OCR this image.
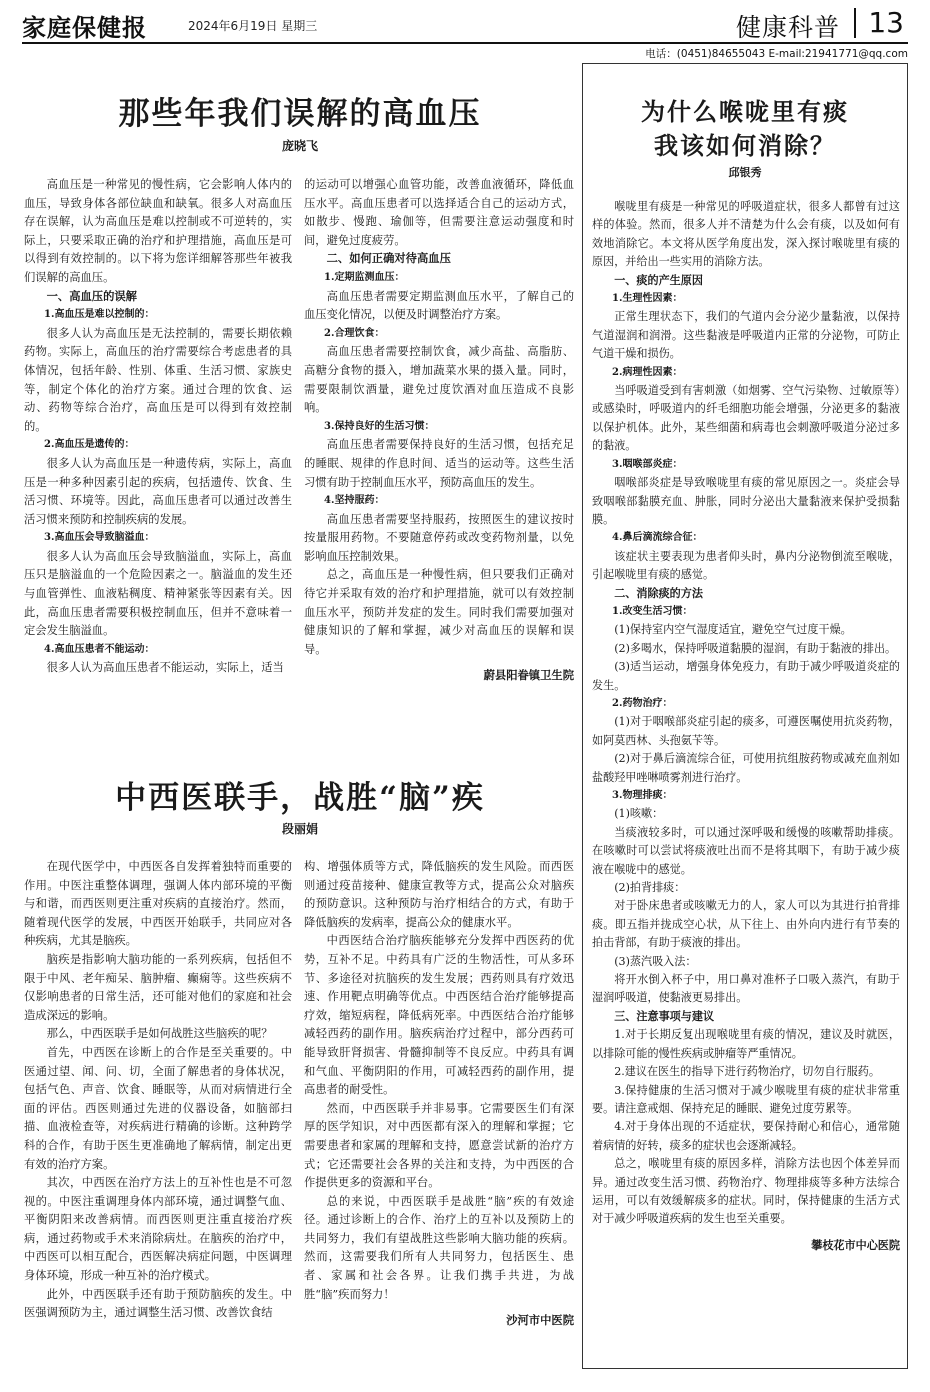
家庭保健报	2024年6月19日 星期三	健康科普 13
电话：(0451)84655043 E-mail:21941771@qq.com
那些年我们误解的高血压
庞晓飞

高血压是一种常见的慢性病，它会影响人体内的血压，导致身体各部位缺血和缺氧。很多人对高血压存在误解，认为高血压是难以控制或不可逆转的，实际上，只要采取正确的治疗和护理措施，高血压是可以得到有效控制的。以下将为您详细解答那些年被我们误解的高血压。

一、高血压的误解

1.高血压是难以控制的：

很多人认为高血压是无法控制的，需要长期依赖药物。实际上，高血压的治疗需要综合考虑患者的具体情况，包括年龄、性别、体重、生活习惯、家族史等，制定个体化的治疗方案。通过合理的饮食、运动、药物等综合治疗，高血压是可以得到有效控制的。

2.高血压是遗传的：

很多人认为高血压是一种遗传病，实际上，高血压是一种多种因素引起的疾病，包括遗传、饮食、生活习惯、环境等。因此，高血压患者可以通过改善生活习惯来预防和控制疾病的发展。

3.高血压会导致脑溢血：

很多人认为高血压会导致脑溢血，实际上，高血压只是脑溢血的一个危险因素之一。脑溢血的发生还与血管弹性、血液粘稠度、精神紧张等因素有关。因此，高血压患者需要积极控制血压，但并不意味着一定会发生脑溢血。

4.高血压患者不能运动：

很多人认为高血压患者不能运动，实际上，适当

的运动可以增强心血管功能，改善血液循环，降低血压水平。高血压患者可以选择适合自己的运动方式，如散步、慢跑、瑜伽等，但需要注意运动强度和时间，避免过度疲劳。

二、如何正确对待高血压

1.定期监测血压：

高血压患者需要定期监测血压水平，了解自己的血压变化情况，以便及时调整治疗方案。

2.合理饮食：

高血压患者需要控制饮食，减少高盐、高脂肪、高糖分食物的摄入，增加蔬菜水果的摄入量。同时，需要限制饮酒量，避免过度饮酒对血压造成不良影响。

3.保持良好的生活习惯：

高血压患者需要保持良好的生活习惯，包括充足的睡眠、规律的作息时间、适当的运动等。这些生活习惯有助于控制血压水平，预防高血压的发生。

4.坚持服药：

高血压患者需要坚持服药，按照医生的建议按时按量服用药物。不要随意停药或改变药物剂量，以免影响血压控制效果。

总之，高血压是一种慢性病，但只要我们正确对待它并采取有效的治疗和护理措施，就可以有效控制血压水平，预防并发症的发生。同时我们需要加强对健康知识的了解和掌握，减少对高血压的误解和误导。

蔚县阳眷镇卫生院

中西医联手，战胜“脑”疾
段丽娟

在现代医学中，中西医各自发挥着独特而重要的作用。中医注重整体调理，强调人体内部环境的平衡与和谐，而西医则更注重对疾病的直接治疗。然而，随着现代医学的发展，中西医开始联手，共同应对各种疾病，尤其是脑疾。

脑疾是指影响大脑功能的一系列疾病，包括但不限于中风、老年痴呆、脑肿瘤、癫痫等。这些疾病不仅影响患者的日常生活，还可能对他们的家庭和社会造成深远的影响。

那么，中西医联手是如何战胜这些脑疾的呢？

首先，中西医在诊断上的合作是至关重要的。中医通过望、闻、问、切，全面了解患者的身体状况，包括气色、声音、饮食、睡眠等，从而对病情进行全面的评估。西医则通过先进的仪器设备，如脑部扫描、血液检查等，对疾病进行精确的诊断。这种跨学科的合作，有助于医生更准确地了解病情，制定出更有效的治疗方案。

其次，中西医在治疗方法上的互补性也是不可忽视的。中医注重调理身体内部环境，通过调整气血、平衡阴阳来改善病情。而西医则更注重直接治疗疾病，通过药物或手术来消除病灶。在脑疾的治疗中，中西医可以相互配合，西医解决病症问题，中医调理身体环境，形成一种互补的治疗模式。

此外，中西医联手还有助于预防脑疾的发生。中医强调预防为主，通过调整生活习惯、改善饮食结

构、增强体质等方式，降低脑疾的发生风险。而西医则通过疫苗接种、健康宣教等方式，提高公众对脑疾的预防意识。这种预防与治疗相结合的方式，有助于降低脑疾的发病率，提高公众的健康水平。

中西医结合治疗脑疾能够充分发挥中西医药的优势，互补不足。中药具有广泛的生物活性，可从多环节、多途径对抗脑疾的发生发展；西药则具有疗效迅速、作用靶点明确等优点。中西医结合治疗能够提高疗效，缩短病程，降低病死率。中西医结合治疗能够减轻西药的副作用。脑疾病治疗过程中，部分西药可能导致肝肾损害、骨髓抑制等不良反应。中药具有调和气血、平衡阴阳的作用，可减轻西药的副作用，提高患者的耐受性。

然而，中西医联手并非易事。它需要医生们有深厚的医学知识，对中西医都有深入的理解和掌握；它需要患者和家属的理解和支持，愿意尝试新的治疗方式；它还需要社会各界的关注和支持，为中西医的合作提供更多的资源和平台。

总的来说，中西医联手是战胜“脑”疾的有效途径。通过诊断上的合作、治疗上的互补以及预防上的共同努力，我们有望战胜这些影响大脑功能的疾病。然而，这需要我们所有人共同努力，包括医生、患者、家属和社会各界。让我们携手共进，为战胜“脑”疾而努力！

沙河市中医院

为什么喉咙里有痰
我该如何消除？
邱银秀

喉咙里有痰是一种常见的呼吸道症状，很多人都曾有过这样的体验。然而，很多人并不清楚为什么会有痰，以及如何有效地消除它。本文将从医学角度出发，深入探讨喉咙里有痰的原因，并给出一些实用的消除方法。

一、痰的产生原因

1.生理性因素：

正常生理状态下，我们的气道内会分泌少量黏液，以保持气道湿润和润滑。这些黏液是呼吸道内正常的分泌物，可防止气道干燥和损伤。

2.病理性因素：

当呼吸道受到有害刺激（如烟雾、空气污染物、过敏原等）或感染时，呼吸道内的纤毛细胞功能会增强，分泌更多的黏液以保护机体。此外，某些细菌和病毒也会刺激呼吸道分泌过多的黏液。

3.咽喉部炎症：

咽喉部炎症是导致喉咙里有痰的常见原因之一。炎症会导致咽喉部黏膜充血、肿胀，同时分泌出大量黏液来保护受损黏膜。

4.鼻后滴流综合征：

该症状主要表现为患者仰头时，鼻内分泌物倒流至喉咙，引起喉咙里有痰的感觉。

二、消除痰的方法

1.改变生活习惯：

(1)保持室内空气湿度适宜，避免空气过度干燥。

(2)多喝水，保持呼吸道黏膜的湿润，有助于黏液的排出。

(3)适当运动，增强身体免疫力，有助于减少呼吸道炎症的发生。

2.药物治疗：

(1)对于咽喉部炎症引起的痰多，可遵医嘱使用抗炎药物，如阿莫西林、头孢氨苄等。

(2)对于鼻后滴流综合征，可使用抗组胺药物或减充血剂如盐酸羟甲唑啉喷雾剂进行治疗。

3.物理排痰：

(1)咳嗽：

当痰液较多时，可以通过深呼吸和缓慢的咳嗽帮助排痰。在咳嗽时可以尝试将痰液吐出而不是将其咽下，有助于减少痰液在喉咙中的感觉。

(2)拍背排痰：

对于卧床患者或咳嗽无力的人，家人可以为其进行拍背排痰。即五指并拢成空心状，从下往上、由外向内进行有节奏的拍击背部，有助于痰液的排出。

(3)蒸汽吸入法：

将开水倒入杯子中，用口鼻对准杯子口吸入蒸汽，有助于湿润呼吸道，使黏液更易排出。

三、注意事项与建议

1.对于长期反复出现喉咙里有痰的情况，建议及时就医，以排除可能的慢性疾病或肿瘤等严重情况。

2.建议在医生的指导下进行药物治疗，切勿自行服药。

3.保持健康的生活习惯对于减少喉咙里有痰的症状非常重要。请注意戒烟、保持充足的睡眠、避免过度劳累等。

4.对于身体出现的不适症状，要保持耐心和信心，通常随着病情的好转，痰多的症状也会逐渐减轻。

总之，喉咙里有痰的原因多样，消除方法也因个体差异而异。通过改变生活习惯、药物治疗、物理排痰等多种方法综合运用，可以有效缓解痰多的症状。同时，保持健康的生活方式对于减少呼吸道疾病的发生也至关重要。

攀枝花市中心医院
